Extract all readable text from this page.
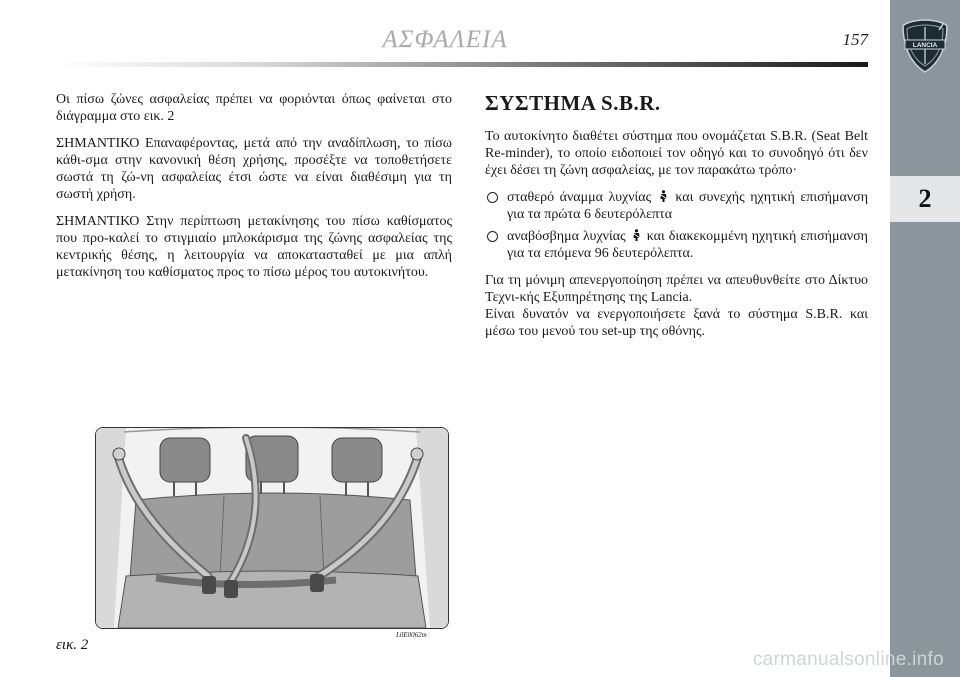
ΑΣΦΑΛΕΙΑ	157	LANCIA
2

Οι πίσω ζώνες ασφαλείας πρέπει να φοριόνται όπως φαίνεται στο διάγραμμα στο εικ. 2

ΣΗΜΑΝΤΙΚΟ Επαναφέροντας, μετά από την αναδίπλωση, το πίσω κάθι-σμα στην κανονική θέση χρήσης, προσέξτε να τοποθετήσετε σωστά τη ζώ-νη ασφαλείας έτσι ώστε να είναι διαθέσιμη για τη σωστή χρήση.

ΣΗΜΑΝΤΙΚΟ Στην περίπτωση μετακίνησης του πίσω καθίσματος που προ-καλεί το στιγμιαίο μπλοκάρισμα της ζώνης ασφαλείας της κεντρικής θέσης, η λειτουργία να αποκατασταθεί με μια απλή μετακίνηση του καθίσματος προς το πίσω μέρος του αυτοκινήτου.

ΣΥΣΤΗΜΑ S.B.R.

Το αυτοκίνητο διαθέτει σύστημα που ονομάζεται S.B.R. (Seat Belt Re-minder), το οποίο ειδοποιεί τον οδηγό και το συνοδηγό ότι δεν έχει δέσει τη ζώνη ασφαλείας, με τον παρακάτω τρόπο·

σταθερό άναμμα λυχνίας και συνεχής ηχητική επισήμανση για τα πρώτα 6 δευτερόλεπτα
αναβόσβημα λυχνίας και διακεκομμένη ηχητική επισήμανση για τα επόμενα 96 δευτερόλεπτα.

Για τη μόνιμη απενεργοποίηση πρέπει να απευθυνθείτε στο Δίκτυο Τεχνι-κής Εξυπηρέτησης της Lancia.

Είναι δυνατόν να ενεργοποιήσετε ξανά το σύστημα S.B.R. και μέσω του μενού του set-up της οθόνης.

εικ. 2
L0E0062m
carmanualsonline.info
